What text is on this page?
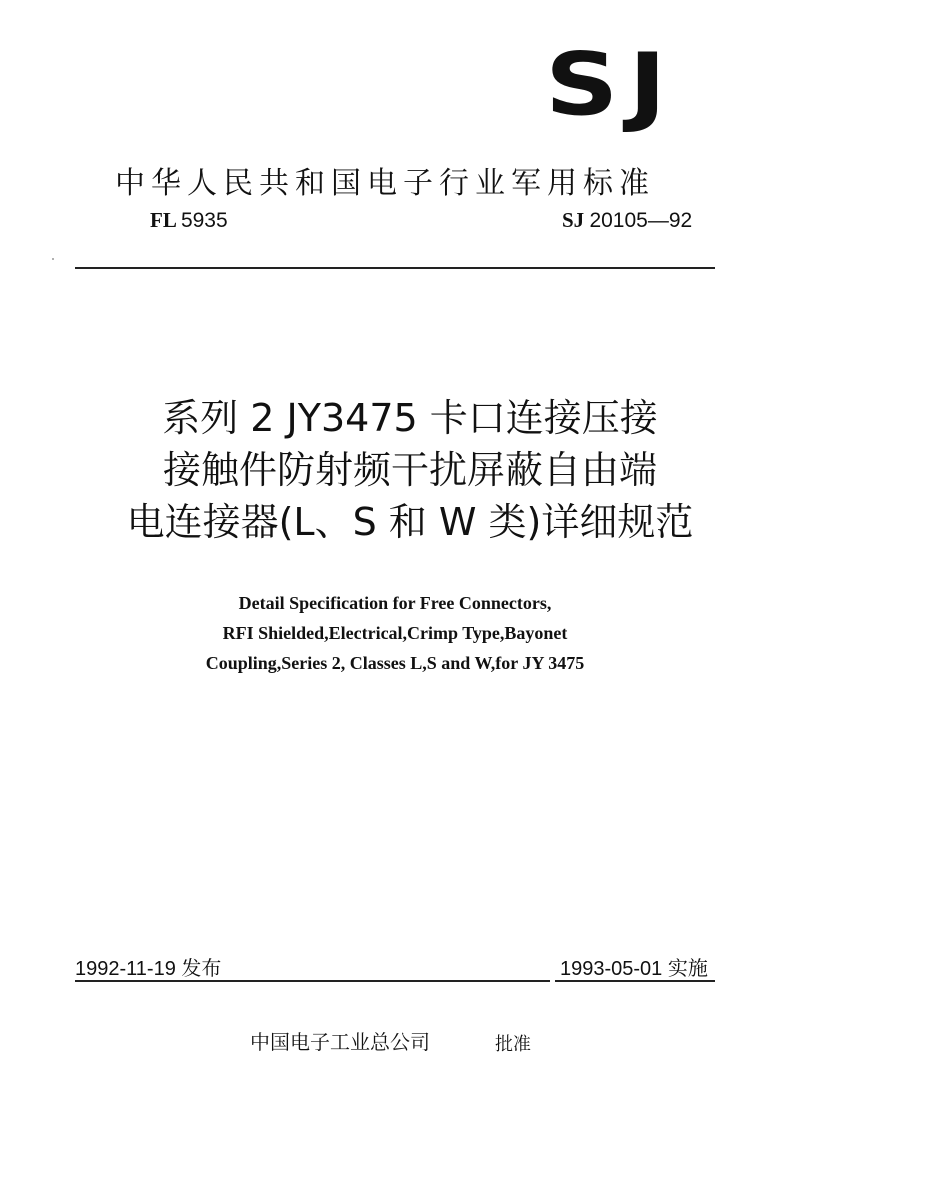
SJ
中华人民共和国电子行业军用标准
FL 5935	SJ 20105—92
系列 2 JY3475 卡口连接压接
接触件防射频干扰屏蔽自由端
电连接器(L、S 和 W 类)详细规范
Detail Specification for Free Connectors,
RFI Shielded,Electrical,Crimp Type,Bayonet
Coupling,Series 2, Classes L,S and W,for JY 3475
1992-11-19 发布	1993-05-01 实施
中国电子工业总公司	批准
